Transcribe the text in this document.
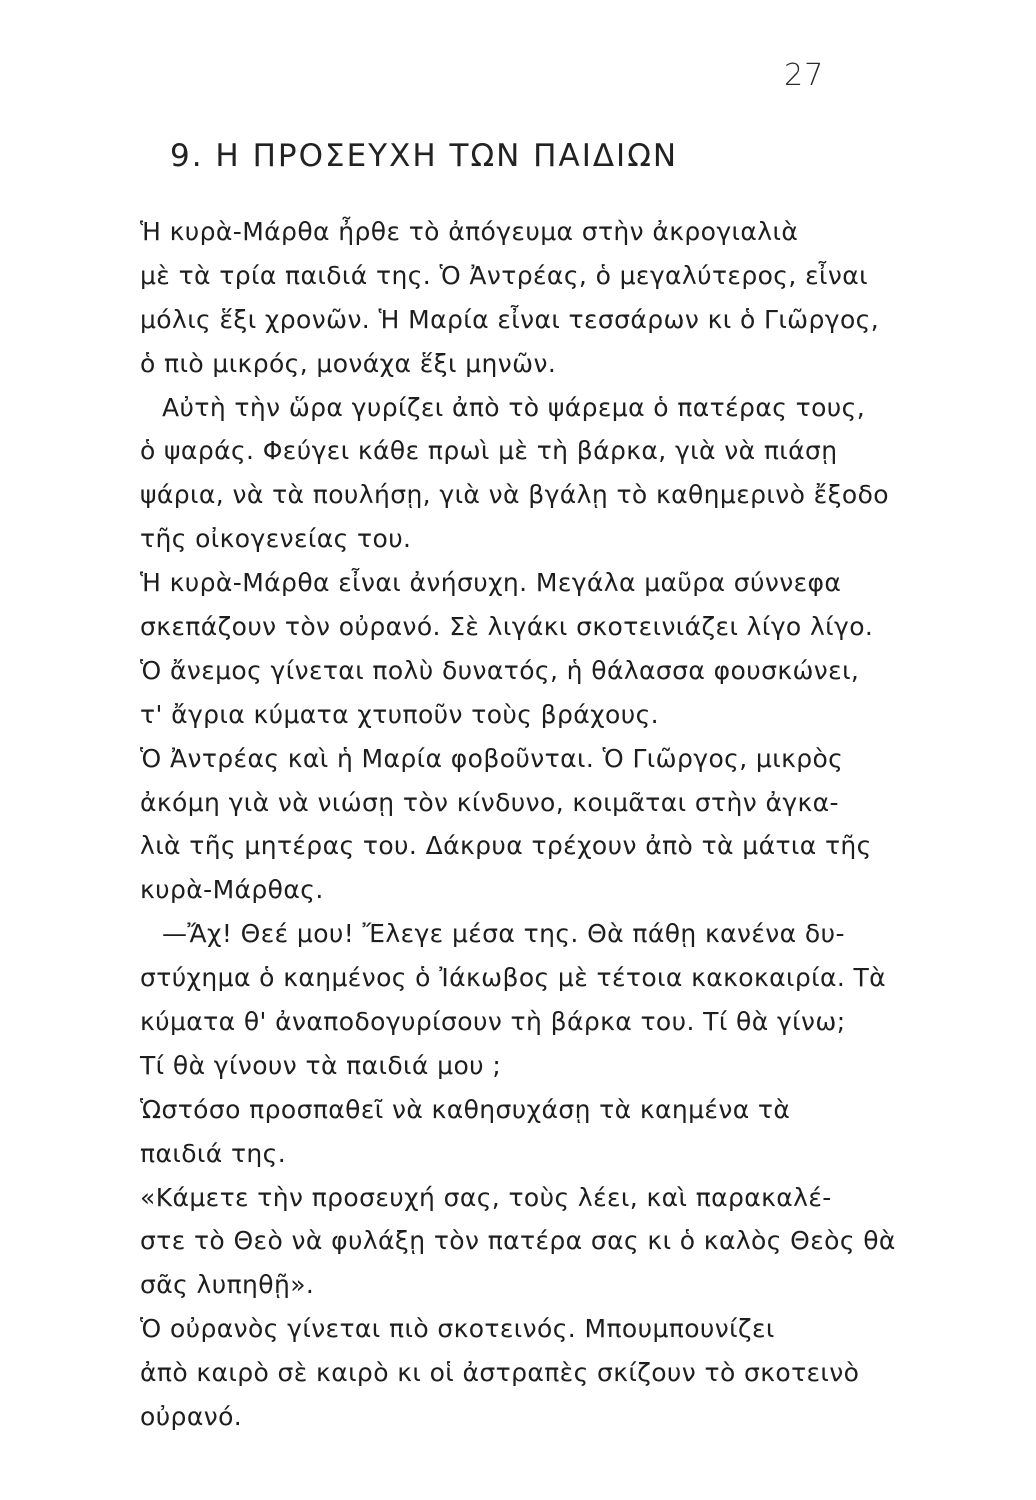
27
9. Η ΠΡΟΣΕΥΧΗ ΤΩΝ ΠΑΙΔΙΩΝ
Ἡ κυρὰ-Μάρθα ἦρθε τὸ ἀπόγευμα στὴν ἀκρογιαλιὰ
μὲ τὰ τρία παιδιά της. Ὁ Ἀντρέας, ὁ μεγαλύτερος, εἶναι
μόλις ἕξι χρονῶν. Ἡ Μαρία εἶναι τεσσάρων κι ὁ Γιῶργος,
ὁ πιὸ μικρός, μονάχα ἕξι μηνῶν.
Αὐτὴ τὴν ὥρα γυρίζει ἀπὸ τὸ ψάρεμα ὁ πατέρας τους,
ὁ ψαράς. Φεύγει κάθε πρωὶ μὲ τὴ βάρκα, γιὰ νὰ πιάσῃ
ψάρια, νὰ τὰ πουλήσῃ, γιὰ νὰ βγάλῃ τὸ καθημερινὸ ἔξοδο
τῆς οἰκογενείας του.
Ἡ κυρὰ-Μάρθα εἶναι ἀνήσυχη. Μεγάλα μαῦρα σύννεφα
σκεπάζουν τὸν οὐρανό. Σὲ λιγάκι σκοτεινιάζει λίγο λίγο.
Ὁ ἄνεμος γίνεται πολὺ δυνατός, ἡ θάλασσα φουσκώνει,
τ' ἄγρια κύματα χτυποῦν τοὺς βράχους.
Ὁ Ἀντρέας καὶ ἡ Μαρία φοβοῦνται. Ὁ Γιῶργος, μικρὸς
ἀκόμη γιὰ νὰ νιώσῃ τὸν κίνδυνο, κοιμᾶται στὴν ἀγκα-
λιὰ τῆς μητέρας του. Δάκρυα τρέχουν ἀπὸ τὰ μάτια τῆς
κυρὰ-Μάρθας.
—Ἄχ! Θεέ μου! Ἔλεγε μέσα της. Θὰ πάθῃ κανένα δυ-
στύχημα ὁ καημένος ὁ Ἰάκωβος μὲ τέτοια κακοκαιρία. Τὰ
κύματα θ' ἀναποδογυρίσουν τὴ βάρκα του. Τί θὰ γίνω;
Τί θὰ γίνουν τὰ παιδιά μου ;
Ὡστόσο προσπαθεῖ νὰ καθησυχάσῃ τὰ καημένα τὰ
παιδιά της.
«Κάμετε τὴν προσευχή σας, τοὺς λέει, καὶ παρακαλέ-
στε τὸ Θεὸ νὰ φυλάξῃ τὸν πατέρα σας κι ὁ καλὸς Θεὸς θὰ
σᾶς λυπηθῇ».
Ὁ οὐρανὸς γίνεται πιὸ σκοτεινός. Μπουμπουνίζει
ἀπὸ καιρὸ σὲ καιρὸ κι οἱ ἀστραπὲς σκίζουν τὸ σκοτεινὸ
οὐρανό.
